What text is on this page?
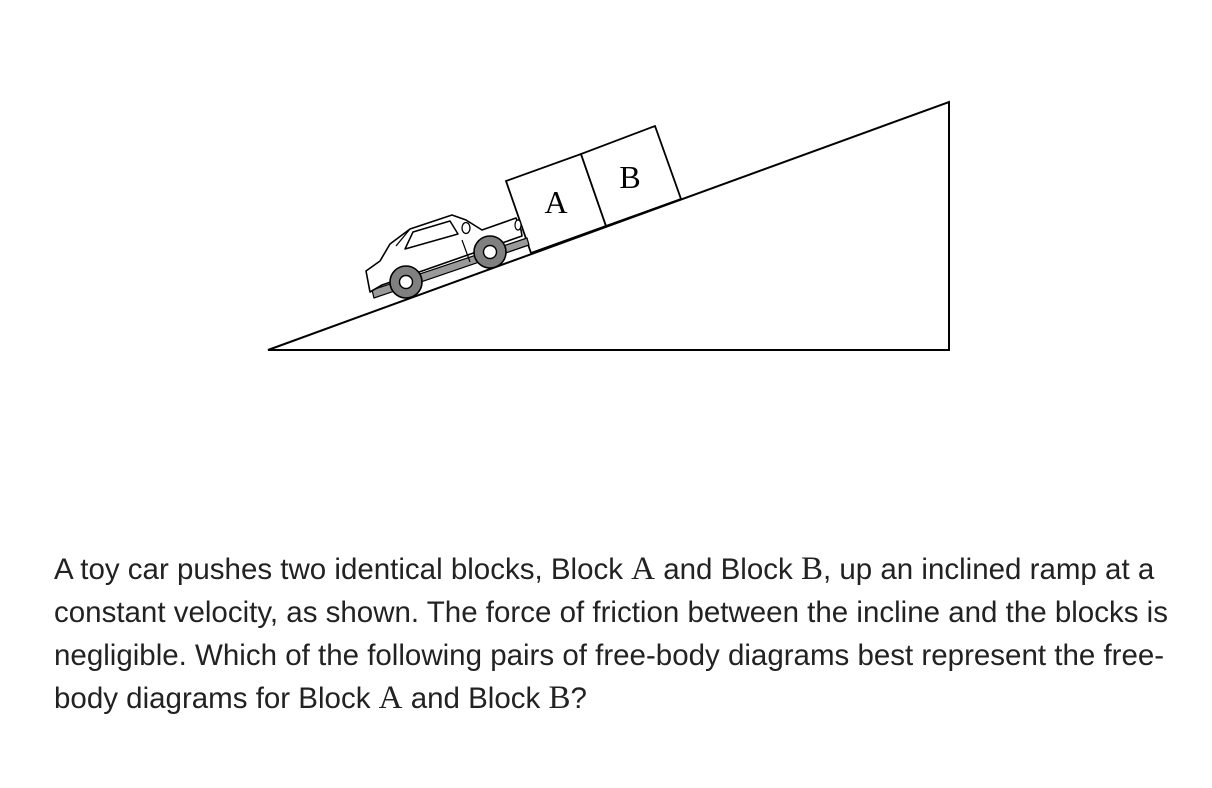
A
B

A toy car pushes two identical blocks, Block A and Block B, up an inclined ramp at a constant velocity, as shown. The force of friction between the incline and the blocks is negligible. Which of the following pairs of free-body diagrams best represent the free-body diagrams for Block A and Block B?
